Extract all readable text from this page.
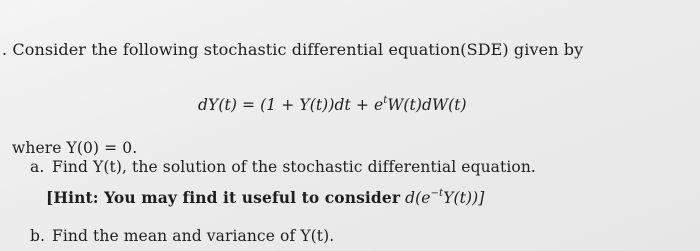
. Consider the following stochastic differential equation(SDE) given by
$dY(t) = (1 + Y(t))dt + e^tW(t)dW(t)$
where Y(0) = 0.
a. Find Y(t), the solution of the stochastic differential equation.
[Hint: You may find it useful to consider $d(e^{-t}Y(t))$]
b. Find the mean and variance of Y(t).
